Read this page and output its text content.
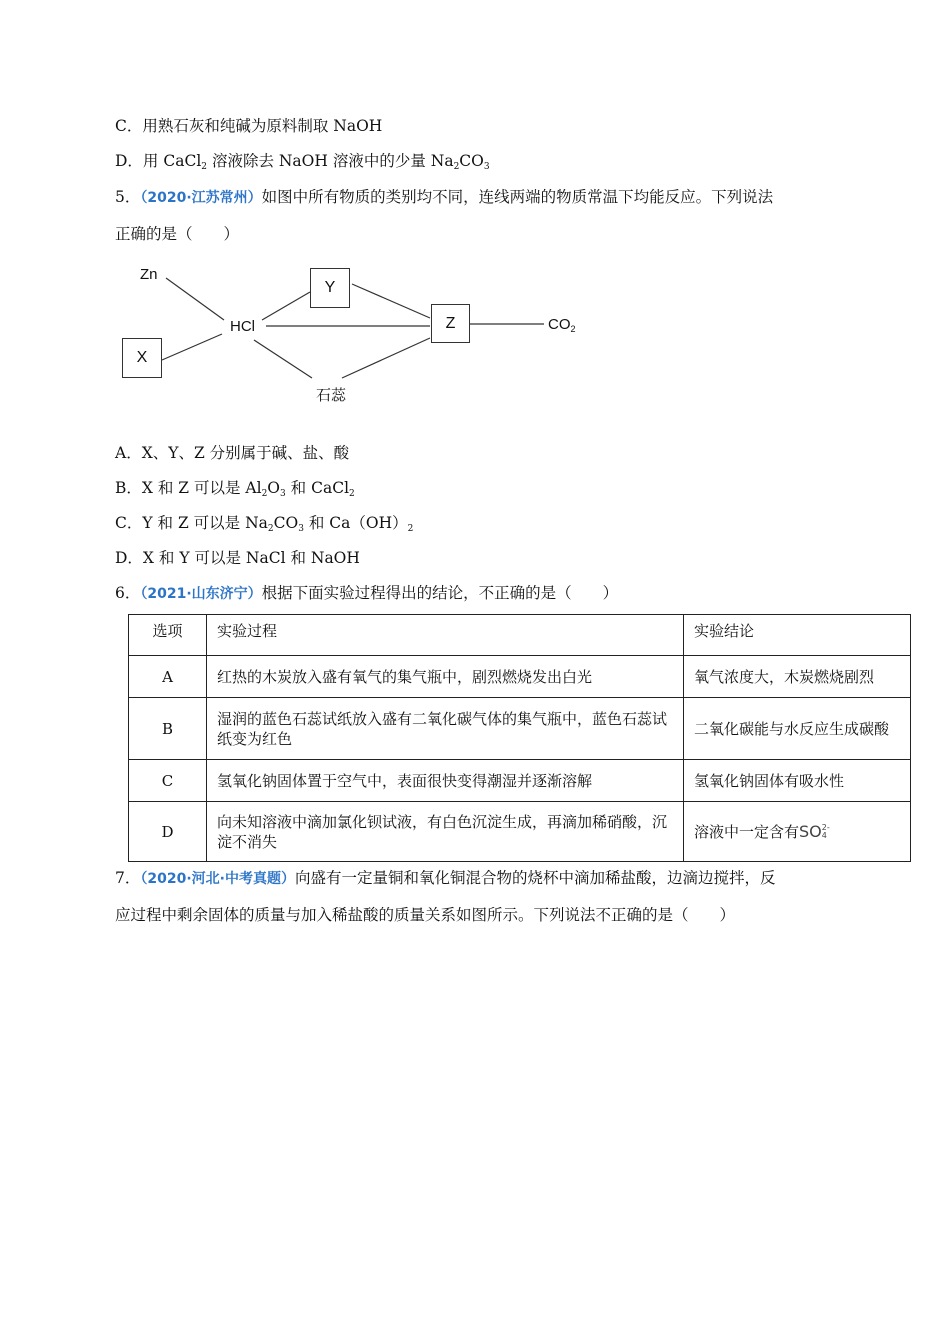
C．用熟石灰和纯碱为原料制取 NaOH
D．用 CaCl$_2$ 溶液除去 NaOH 溶液中的少量 $Na_2CO_3$
5．（2020·江苏常州）如图中所有物质的类别均不同，连线两端的物质常温下均能反应。下列说法
正确的是（　　）
Zn
X
HCl
Y
Z	$CO_2$
石蕊
A．X、Y、Z 分别属于碱、盐、酸
B．X 和 Z 可以是 $Al_2O_3$ 和 CaCl$_2$
C．Y 和 Z 可以是 $Na_2CO_3$ 和 $Ca(OH)_2$
D．X 和 Y 可以是 NaCl 和 NaOH
6．（2021·山东济宁）根据下面实验过程得出的结论，不正确的是（　　）
选项	实验过程	实验结论
A	红热的木炭放入盛有氧气的集气瓶中，剧烈燃烧发出白光	氧气浓度大，木炭燃烧剧烈
B	湿润的蓝色石蕊试纸放入盛有二氧化碳气体的集气瓶中，蓝色石蕊试纸变为红色	二氧化碳能与水反应生成碳酸
C	氢氧化钠固体置于空气中，表面很快变得潮湿并逐渐溶解	氢氧化钠固体有吸水性
D	向未知溶液中滴加氯化钡试液，有白色沉淀生成，再滴加稀硝酸，沉淀不消失	溶液中一定含有SO2-
4
7．（2020·河北·中考真题）向盛有一定量铜和氧化铜混合物的烧杯中滴加稀盐酸，边滴边搅拌，反
应过程中剩余固体的质量与加入稀盐酸的质量关系如图所示。下列说法不正确的是（　　）
